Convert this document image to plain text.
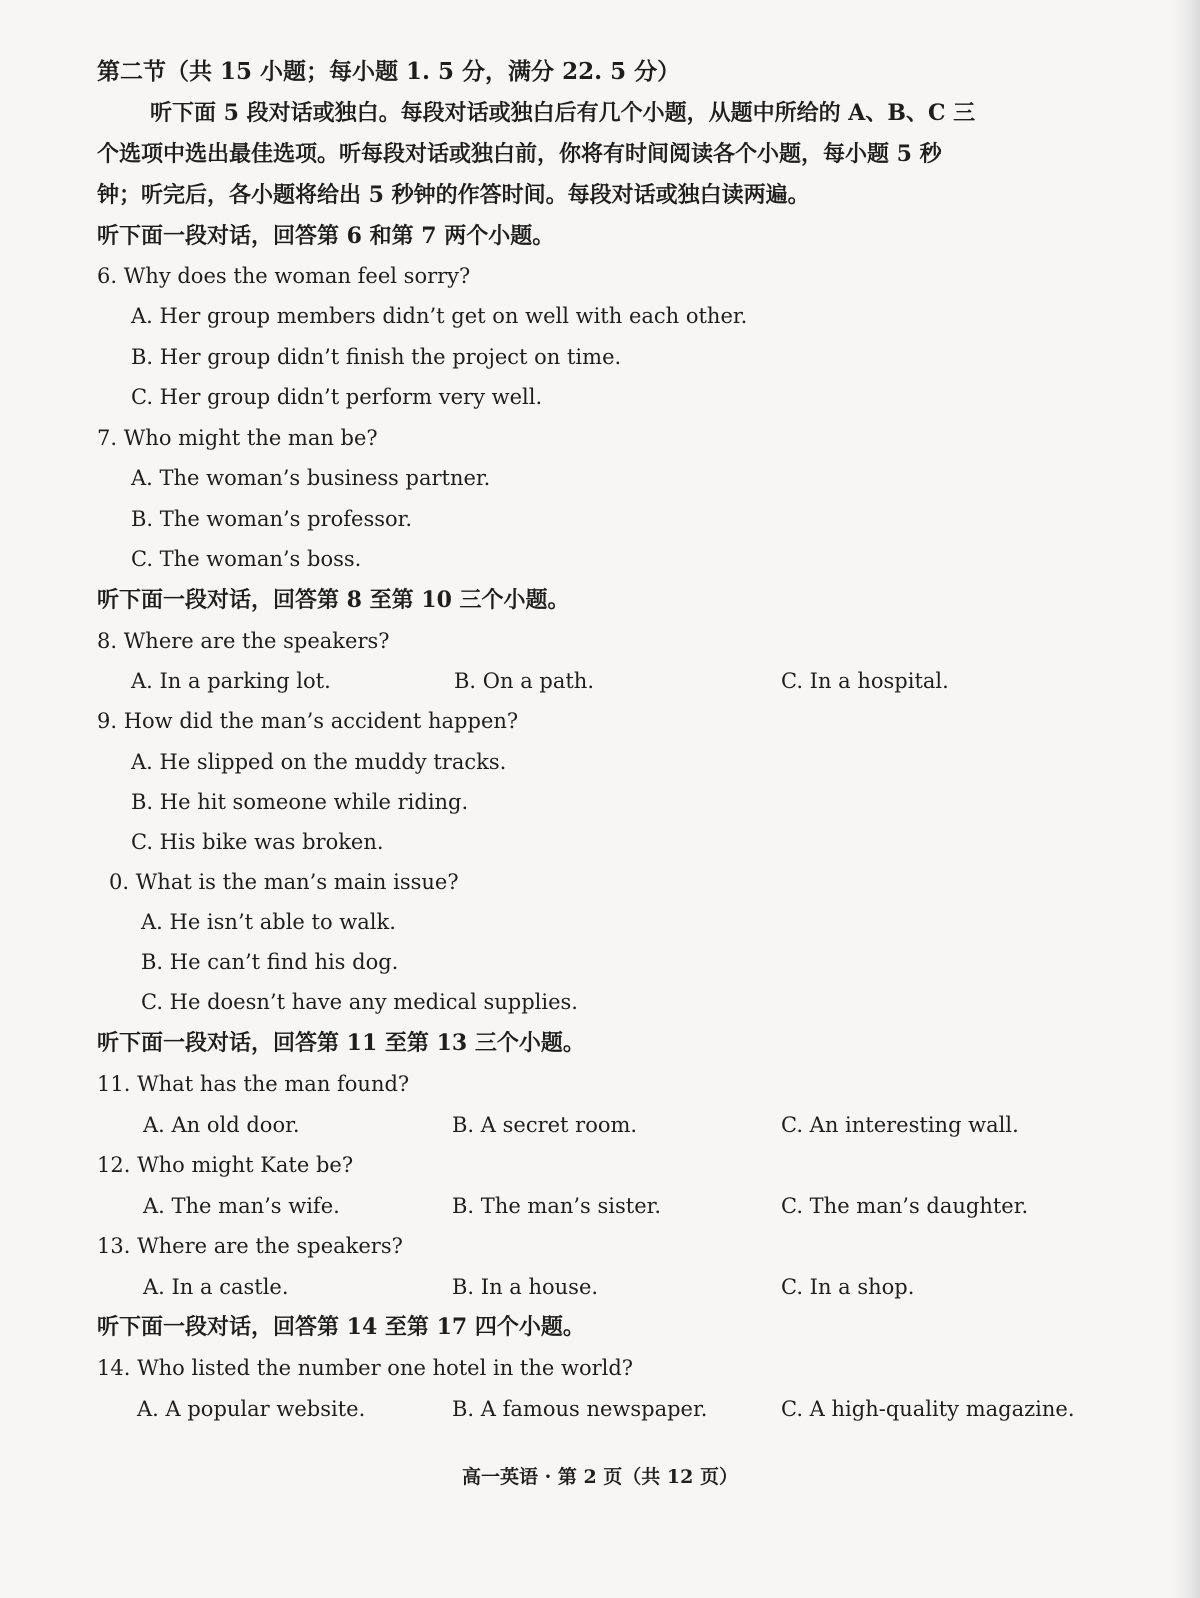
第二节（共 15 小题；每小题 1. 5 分，满分 22. 5 分）
听下面 5 段对话或独白。每段对话或独白后有几个小题，从题中所给的 A、B、C 三
个选项中选出最佳选项。听每段对话或独白前，你将有时间阅读各个小题，每小题 5 秒
钟；听完后，各小题将给出 5 秒钟的作答时间。每段对话或独白读两遍。
听下面一段对话，回答第 6 和第 7 两个小题。
6. Why does the woman feel sorry?
A. Her group members didn’t get on well with each other.
B. Her group didn’t finish the project on time.
C. Her group didn’t perform very well.
7. Who might the man be?
A. The woman’s business partner.
B. The woman’s professor.
C. The woman’s boss.
听下面一段对话，回答第 8 至第 10 三个小题。
8. Where are the speakers?
A. In a parking lot.	B. On a path.	C. In a hospital.
9. How did the man’s accident happen?
A. He slipped on the muddy tracks.
B. He hit someone while riding.
C. His bike was broken.
0. What is the man’s main issue?
A. He isn’t able to walk.
B. He can’t find his dog.
C. He doesn’t have any medical supplies.
听下面一段对话，回答第 11 至第 13 三个小题。
11. What has the man found?
A. An old door.	B. A secret room.	C. An interesting wall.
12. Who might Kate be?
A. The man’s wife.	B. The man’s sister.	C. The man’s daughter.
13. Where are the speakers?
A. In a castle.	B. In a house.	C. In a shop.
听下面一段对话，回答第 14 至第 17 四个小题。
14. Who listed the number one hotel in the world?
A. A popular website.	B. A famous newspaper.	C. A high-quality magazine.
高一英语 · 第 2 页（共 12 页）
